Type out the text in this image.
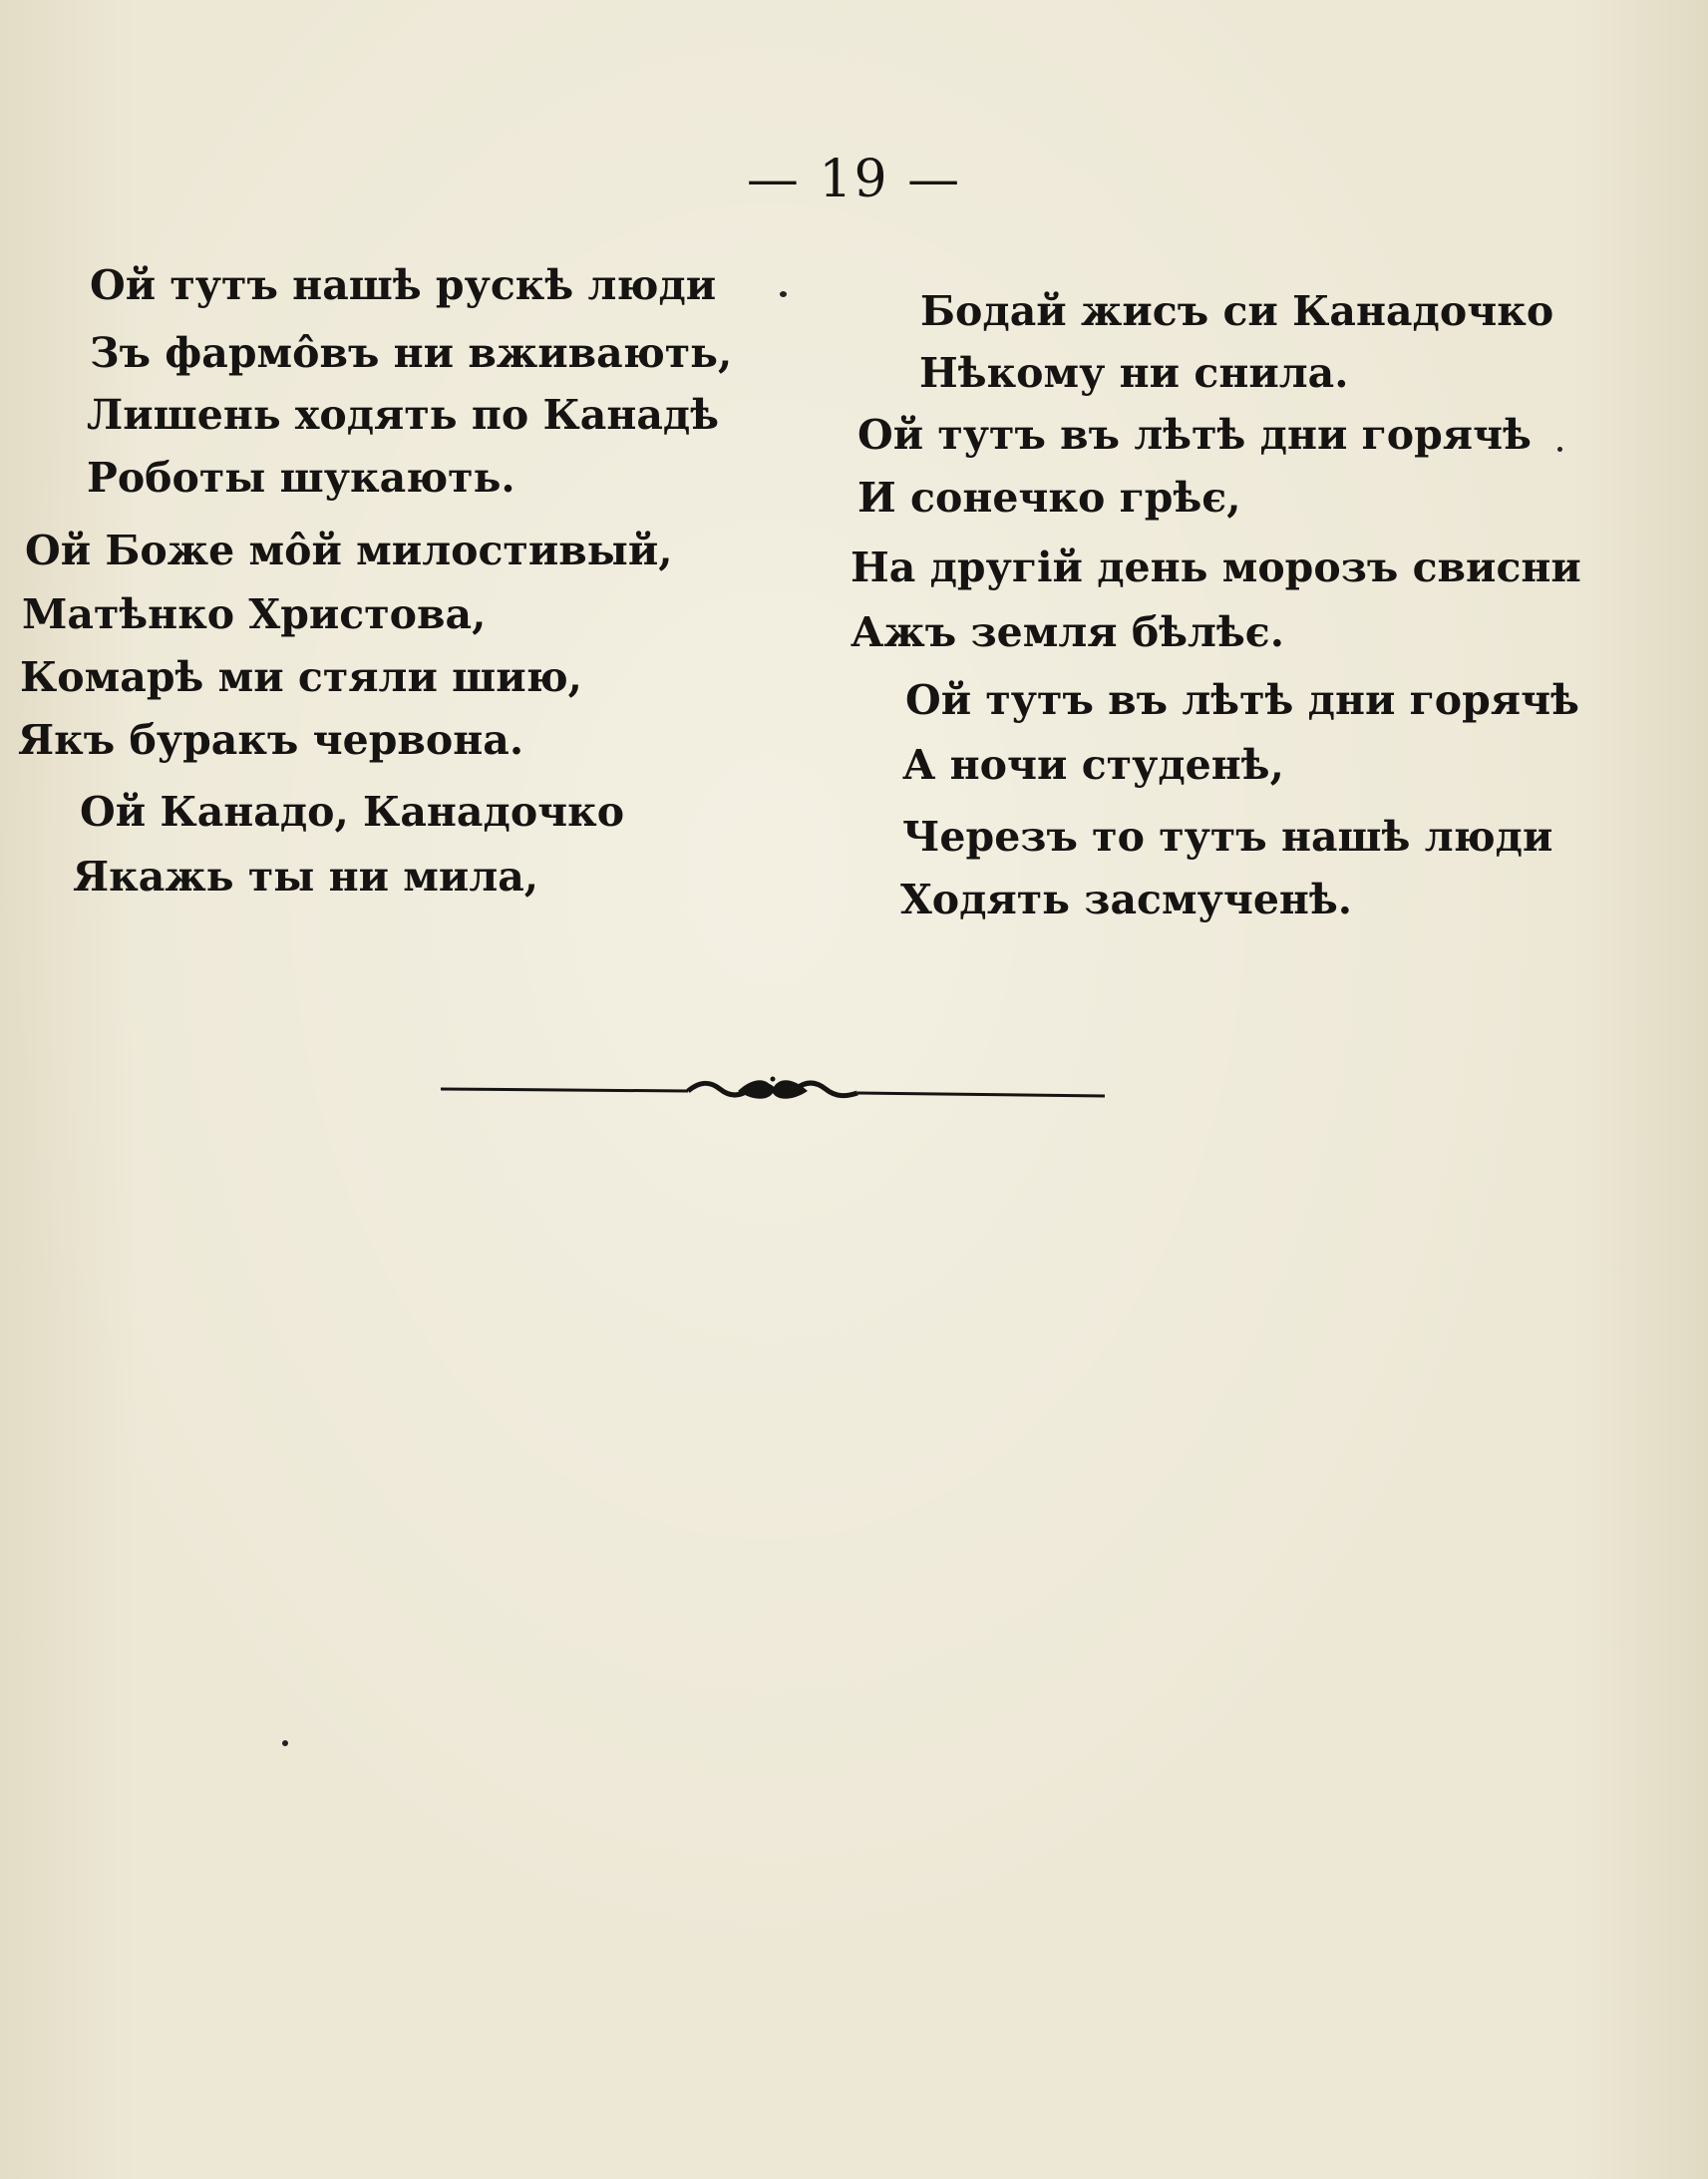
— 19 —
Ой тутъ нашѣ рускѣ люди
Зъ фармôвъ ни вживають,
Лишень ходять по Канадѣ
Роботы шукають.
Ой Боже мôй милостивый,
Матѣнко Христова,
Комарѣ ми стяли шию,
Якъ буракъ червона.
Ой Канадо, Канадочко
Якажь ты ни мила,
Бодай жисъ си Канадочко
Нѣкому ни снила.
Ой тутъ въ лѣтѣ дни горячѣ
И сонечко грѣє,
На другій день морозъ свисни
Ажъ земля бѣлѣє.
Ой тутъ въ лѣтѣ дни горячѣ
А ночи студенѣ,
Черезъ то тутъ нашѣ люди
Ходять засмученѣ.
